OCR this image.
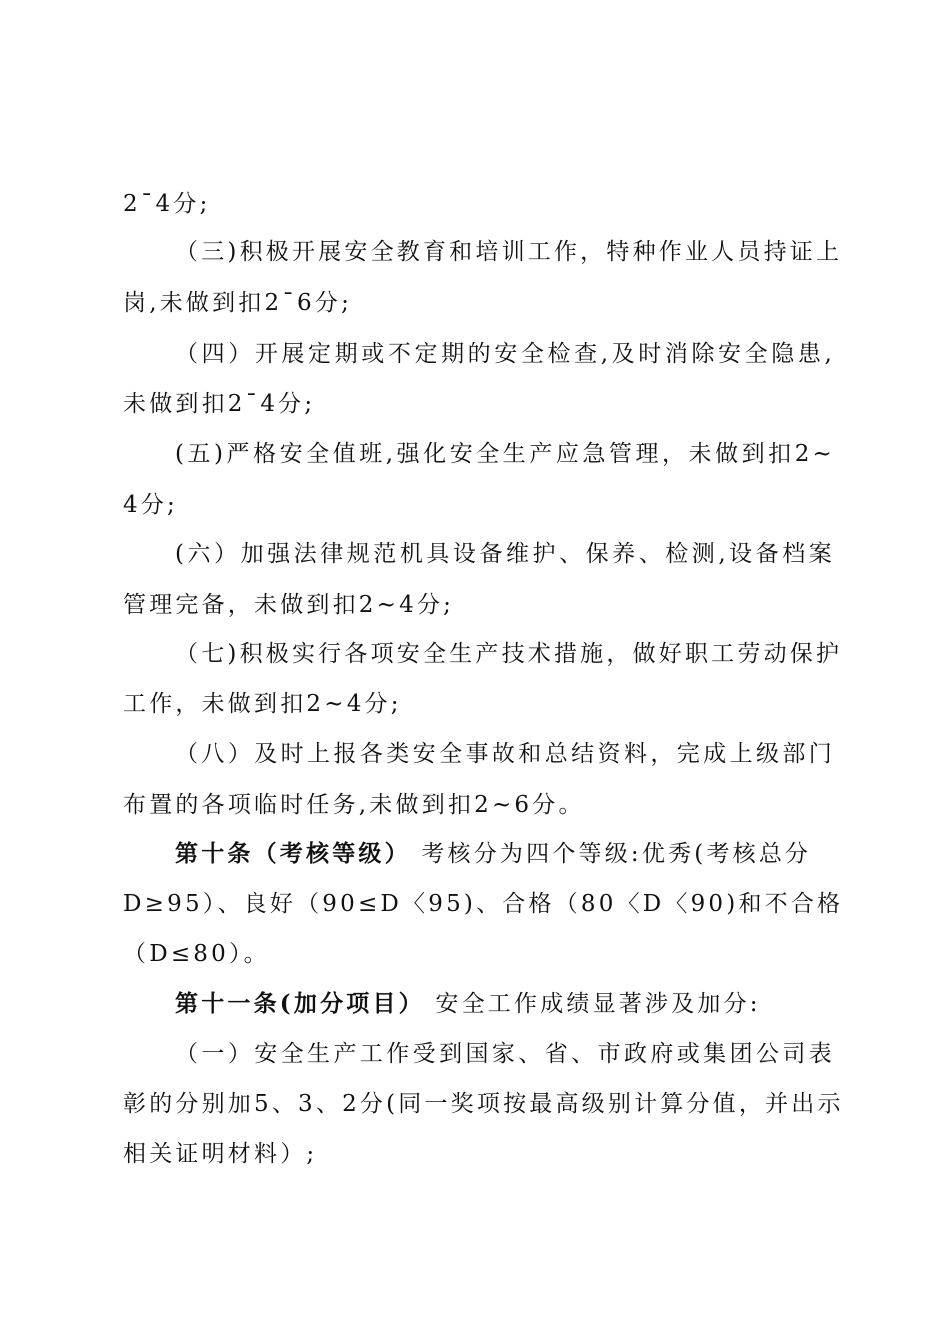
2¯4分;
（三)积极开展安全教育和培训工作，特种作业人员持证上
岗,未做到扣2¯6分;
（四）开展定期或不定期的安全检查,及时消除安全隐患,
未做到扣2¯4分;
(五)严格安全值班,强化安全生产应急管理，未做到扣2~
4分;
(六）加强法律规范机具设备维护、保养、检测,设备档案
管理完备，未做到扣2~4分;
（七)积极实行各项安全生产技术措施，做好职工劳动保护
工作，未做到扣2~4分;
（八）及时上报各类安全事故和总结资料，完成上级部门
布置的各项临时任务,未做到扣2~6分。
第十条（考核等级） 考核分为四个等级:优秀(考核总分
D≥95）、良好（90≤D〈95)、合格（80〈D〈90)和不合格
（D≤80）。
第十一条(加分项目） 安全工作成绩显著涉及加分:
（一）安全生产工作受到国家、省、市政府或集团公司表
彰的分别加5、3、2分(同一奖项按最高级别计算分值，并出示
相关证明材料）;
